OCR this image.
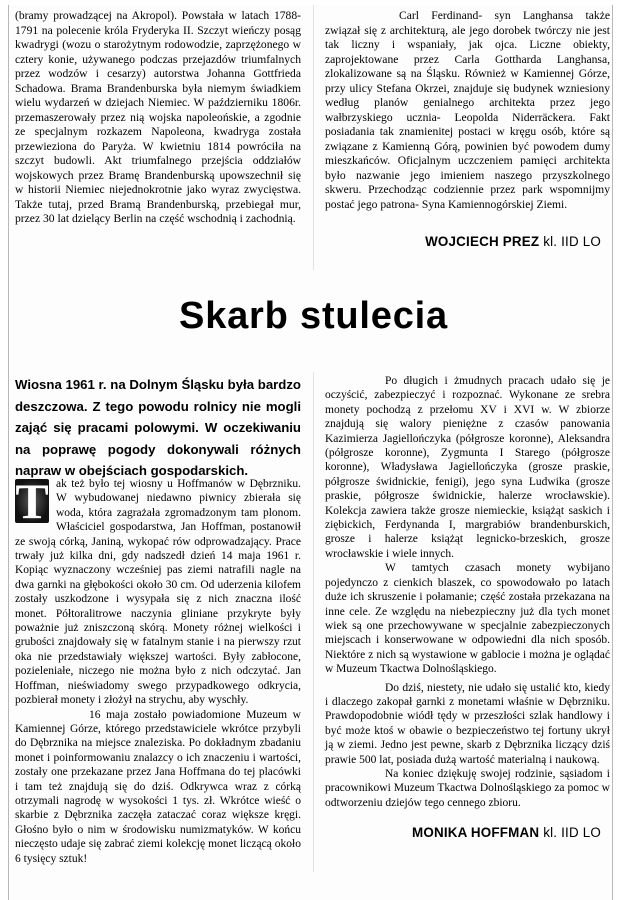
(bramy prowadzącej na Akropol). Powstała w latach 1788-1791 na polecenie króla Fryderyka II. Szczyt wieńczy posąg kwadrygi (wozu o starożytnym rodowodzie, zaprzężonego w cztery konie, używanego podczas przejazdów triumfalnych przez wodzów i cesarzy) autorstwa Johanna Gottfrieda Schadowa. Brama Brandenburska była niemym świadkiem wielu wydarzeń w dziejach Niemiec. W październiku 1806r. przemaszerowały przez nią wojska napoleońskie, a zgodnie ze specjalnym rozkazem Napoleona, kwadryga została przewieziona do Paryża. W kwietniu 1814 powróciła na szczyt budowli. Akt triumfalnego przejścia oddziałów wojskowych przez Bramę Brandenburską upowszechnił się w historii Niemiec niejednokrotnie jako wyraz zwycięstwa. Także tutaj, przed Bramą Brandenburską, przebiegał mur, przez 30 lat dzielący Berlin na część wschodnią i zachodnią.

Carl Ferdinand- syn Langhansa także związał się z architekturą, ale jego dorobek twórczy nie jest tak liczny i wspaniały, jak ojca. Liczne obiekty, zaprojektowane przez Carla Gottharda Langhansa, zlokalizowane są na Śląsku. Również w Kamiennej Górze, przy ulicy Stefana Okrzei, znajduje się budynek wzniesiony według planów genialnego architekta przez jego wałbrzyskiego ucznia- Leopolda Niderräckera. Fakt posiadania tak znamienitej postaci w kręgu osób, które są związane z Kamienną Górą, powinien być powodem dumy mieszkańców. Oficjalnym uczczeniem pamięci architekta było nazwanie jego imieniem naszego przyszkolnego skweru. Przechodząc codziennie przez park wspomnijmy postać jego patrona- Syna Kamiennogórskiej Ziemi.

WOJCIECH PREZ kl. IID LO
Skarb stulecia
Wiosna 1961 r. na Dolnym Śląsku była bardzo deszczowa. Z tego powodu rolnicy nie mogli zająć się pracami polowymi. W oczekiwaniu na poprawę pogody dokonywali różnych napraw w obejściach gospodarskich.

T ak też było tej wiosny u Hoffmanów w Dębrzniku. W wybudowanej niedawno piwnicy zbierała się woda, która zagrażała zgromadzonym tam plonom. Właściciel gospodarstwa, Jan Hoffman, postanowił ze swoją córką, Janiną, wykopać rów odprowadzający. Prace trwały już kilka dni, gdy nadszedł dzień 14 maja 1961 r. Kopiąc wyznaczony wcześniej pas ziemi natrafili nagle na dwa garnki na głębokości około 30 cm. Od uderzenia kilofem zostały uszkodzone i wysypała się z nich znaczna ilość monet. Półtoralitrowe naczynia gliniane przykryte były poważnie już zniszczoną skórą. Monety różnej wielkości i grubości znajdowały się w fatalnym stanie i na pierwszy rzut oka nie przedstawiały większej wartości. Były zabłocone, pozieleniałe, niczego nie można było z nich odczytać. Jan Hoffman, nieświadomy swego przypadkowego odkrycia, pozbierał monety i złożył na strychu, aby wyschły.

16 maja zostało powiadomione Muzeum w Kamiennej Górze, którego przedstawiciele wkrótce przybyli do Dębrznika na miejsce znaleziska. Po dokładnym zbadaniu monet i poinformowaniu znalazcy o ich znaczeniu i wartości, zostały one przekazane przez Jana Hoffmana do tej placówki i tam też znajdują się do dziś. Odkrywca wraz z córką otrzymali nagrodę w wysokości 1 tys. zł. Wkrótce wieść o skarbie z Dębrznika zaczęła zataczać coraz większe kręgi. Głośno było o nim w środowisku numizmatyków. W końcu nieczęsto udaje się zabrać ziemi kolekcję monet liczącą około 6 tysięcy sztuk!

Po długich i żmudnych pracach udało się je oczyścić, zabezpieczyć i rozpoznać. Wykonane ze srebra monety pochodzą z przełomu XV i XVI w. W zbiorze znajdują się walory pieniężne z czasów panowania Kazimierza Jagiellończyka (półgrosze koronne), Aleksandra (półgrosze koronne), Zygmunta I Starego (półgrosze koronne), Władysława Jagiellończyka (grosze praskie, półgrosze świdnickie, fenigi), jego syna Ludwika (grosze praskie, półgrosze świdnickie, halerze wrocławskie). Kolekcja zawiera także grosze niemieckie, książąt saskich i ziębickich, Ferdynanda I, margrabiów brandenburskich, grosze i halerze książąt legnicko-brzeskich, grosze wrocławskie i wiele innych.

W tamtych czasach monety wybijano pojedynczo z cienkich blaszek, co spowodowało po latach duże ich skruszenie i połamanie; część została przekazana na inne cele. Ze względu na niebezpieczny już dla tych monet wiek są one przechowywane w specjalnie zabezpieczonych miejscach i konserwowane w odpowiedni dla nich sposób. Niektóre z nich są wystawione w gablocie i można je oglądać w Muzeum Tkactwa Dolnośląskiego.

Do dziś, niestety, nie udało się ustalić kto, kiedy i dlaczego zakopał garnki z monetami właśnie w Dębrzniku. Prawdopodobnie wiódł tędy w przeszłości szlak handlowy i być może ktoś w obawie o bezpieczeństwo tej fortuny ukrył ją w ziemi. Jedno jest pewne, skarb z Dębrznika liczący dziś prawie 500 lat, posiada dużą wartość materialną i naukową.

Na koniec dziękuję swojej rodzinie, sąsiadom i pracownikowi Muzeum Tkactwa Dolnośląskiego za pomoc w odtworzeniu dziejów tego cennego zbioru.

MONIKA HOFFMAN kl. IID LO
